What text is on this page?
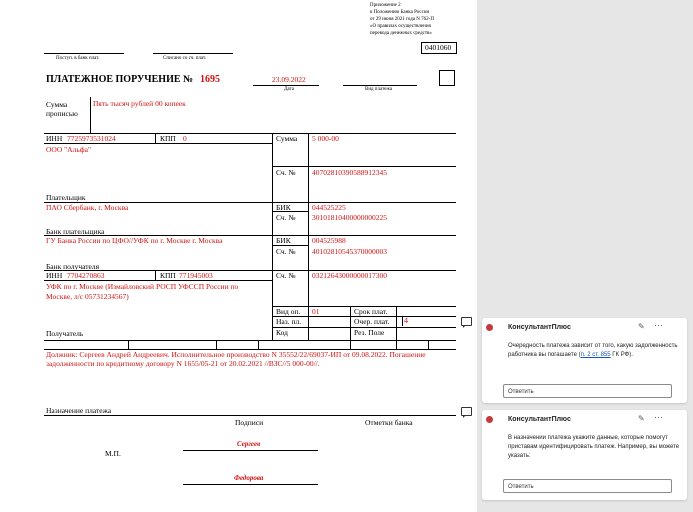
Приложение 2
к Положению Банка России
от 29 июня 2021 года N 762-П
«О правилах осуществления
перевода денежных средств»
0401060
Поступ. в банк плат.	Списано со сч. плат.
ПЛАТЕЖНОЕ ПОРУЧЕНИЕ № 1695	23.09.2022
Дата	Вид платежа
Сумма
прописью
Пять тысяч рублей 00 копеек
ИНН 7725973531024	КПП 0
ООО "Альфа"
Сумма 5 000-00
Сч. № 40702810390588912345
Плательщик
ПАО Сбербанк, г. Москва	БИК	044525225
Сч. № 30101810400000000225
Банк плательщика
ГУ Банка России по ЦФО//УФК по г. Москве г. Москва	БИК	004525988
Сч. № 40102810545370000003
Банк получателя
ИНН 7704270863	КПП 771945003
УФК по г. Москве (Измайловский РОСП УФССП России по
Москве, л/с 05731234567)
Сч. № 03212643000000017300
Получатель
Вид оп. 01	Срок плат.
Наз. пл.	Очер. плат. 4
Код	Рез. Поле
Должник: Сергеев Андрей Андреевич. Исполнительное производство N 35552/22/69037-ИП от 09.08.2022. Погашение
задолженности по кредитному договору N 1655/05-21 от 20.02.2021 //ВЗС//5 000-00//.
Назначение платежа
Подписи	Отметки банка
М.П.
Сергеев
Федорова
КонсультантПлюс	✎ ⋯
Очередность платежа зависит от того, какую задолженность работника вы погашаете (п. 2 ст. 855 ГК РФ).
Ответить
КонсультантПлюс	✎ ⋯
В назначении платежа укажите данные, которые помогут приставам идентифицировать платеж. Например, вы можете указать:
Ответить
